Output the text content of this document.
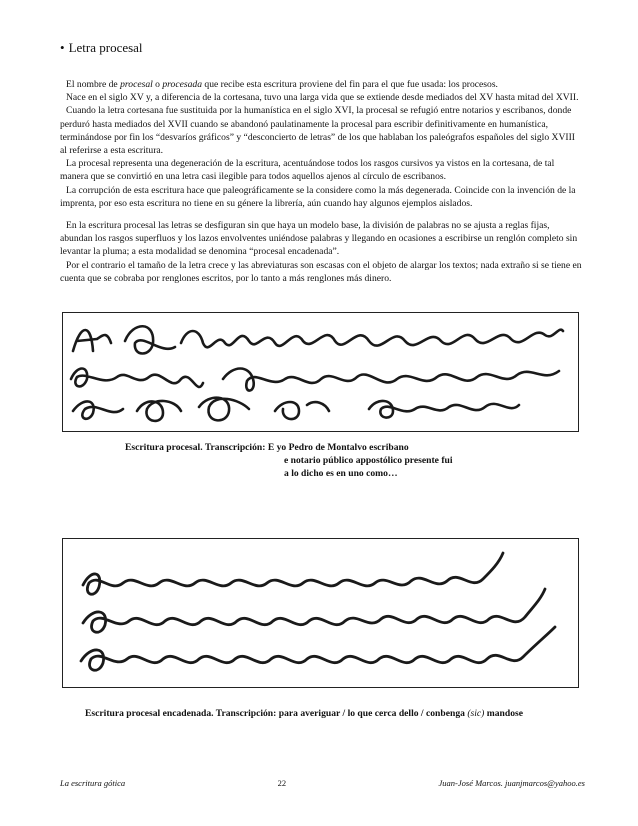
• Letra procesal

El nombre de procesal o procesada que recibe esta escritura proviene del fin para el que fue usada: los procesos.

Nace en el siglo XV y, a diferencia de la cortesana, tuvo una larga vida que se extiende desde mediados del XV hasta mitad del XVII.

Cuando la letra cortesana fue sustituida por la humanística en el siglo XVI, la procesal se refugió entre notarios y escribanos, donde perduró hasta mediados del XVII cuando se abandonó paulatinamente la procesal para escribir definitivamente en humanística, terminándose por fin los “desvaríos gráficos” y “desconcierto de letras” de los que hablaban los paleógrafos españoles del siglo XVIII al referirse a esta escritura.

La procesal representa una degeneración de la escritura, acentuándose todos los rasgos cursivos ya vistos en la cortesana, de tal manera que se convirtió en una letra casi ilegible para todos aquellos ajenos al círculo de escribanos.

La corrupción de esta escritura hace que paleográficamente se la considere como la más degenerada. Coincide con la invención de la imprenta, por eso esta escritura no tiene en su génere la librería, aún cuando hay algunos ejemplos aislados.

En la escritura procesal las letras se desfiguran sin que haya un modelo base, la división de palabras no se ajusta a reglas fijas, abundan los rasgos superfluos y los lazos envolventes uniéndose palabras y llegando en ocasiones a escribirse un renglón completo sin levantar la pluma; a esta modalidad se denomina “procesal encadenada”.

Por el contrario el tamaño de la letra crece y las abreviaturas son escasas con el objeto de alargar los textos; nada extraño si se tiene en cuenta que se cobraba por renglones escritos, por lo tanto a más renglones más dinero.

Escritura procesal. Transcripción: E yo Pedro de Montalvo escribano
e notario público appostólico presente fui
a lo dicho es en uno como…
Escritura procesal encadenada. Transcripción: para averiguar / lo que cerca dello / conbenga (sic) mandose
La escritura gótica	22	Juan-José Marcos. juanjmarcos@yahoo.es
